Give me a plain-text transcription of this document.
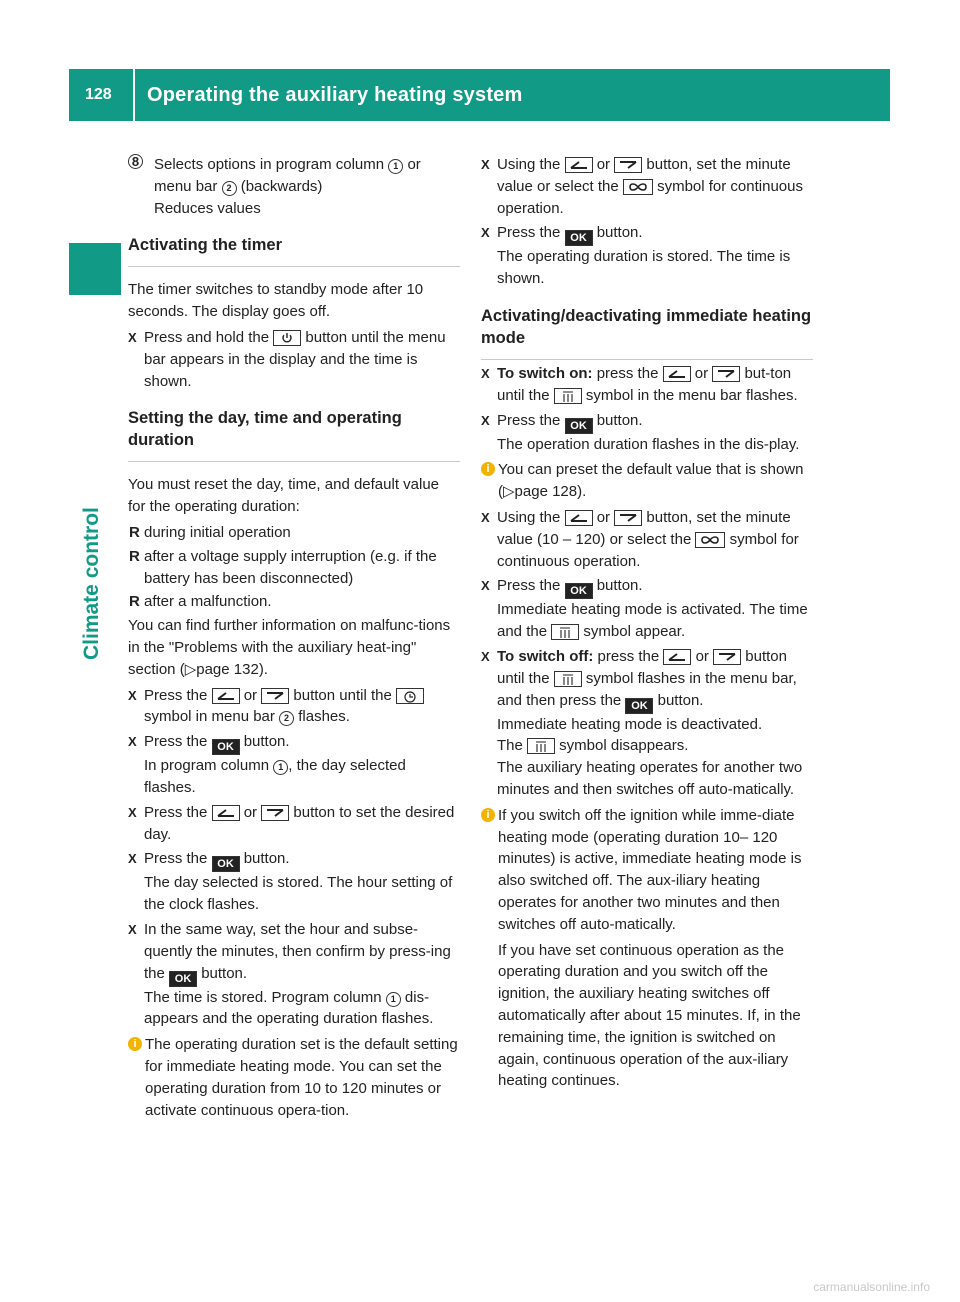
128	Operating the auxiliary heating system
Climate control
8 Selects options in program column 1 or menu bar 2 (backwards)

Reduces values

Activating the timer

The timer switches to standby mode after 10 seconds. The display goes off.

X Press and hold the
button until the menu bar appears in the display and the time is shown.
Setting the day, time and operating duration

You must reset the day, time, and default value for the operating duration:

R during initial operation
R after a voltage supply interruption (e.g. if the battery has been disconnected)
R after a malfunction.

You can find further information on malfunc-tions in the "Problems with the auxiliary heat-ing" section (▷page 132).

X Press the
or
button until the
symbol in menu bar 2 flashes.
X Press the OK button.
In program column 1 , the day selected flashes.
X Press the
or
button to set the desired day.
X Press the OK button.
The day selected is stored. The hour setting of the clock flashes.
X In the same way, set the hour and subse-quently the minutes, then confirm by press-ing the OK button.
The time is stored. Program column 1 dis-appears and the operating duration flashes.
i The operating duration set is the default setting for immediate heating mode. You can set the operating duration from 10 to 120 minutes or activate continuous opera-tion.
X Using the
or
button, set the minute value or select the
symbol for continuous operation.
X Press the OK button.
The operating duration is stored. The time is shown.
Activating/deactivating immediate heating mode
X To switch on: press the
or
but-ton until the
symbol in the menu bar flashes.
X Press the OK button.
The operation duration flashes in the dis-play.
i You can preset the default value that is shown (▷page 128).
X Using the
or
button, set the minute value (10 – 120) or select the
symbol for continuous operation.
X Press the OK button.
Immediate heating mode is activated. The time and the
symbol appear.
X To switch off: press the
or
button until the
symbol flashes in the menu bar, and then press the OK button.
Immediate heating mode is deactivated.
The
symbol disappears.
The auxiliary heating operates for another two minutes and then switches off auto-matically.
i If you switch off the ignition while imme-diate heating mode (operating duration 10– 120 minutes) is active, immediate heating mode is also switched off. The aux-iliary heating operates for another two minutes and then switches off auto-matically.
If you have set continuous operation as the operating duration and you switch off the ignition, the auxiliary heating switches off automatically after about 15 minutes. If, in the remaining time, the ignition is switched on again, continuous operation of the aux-iliary heating continues.
carmanualsonline.info
